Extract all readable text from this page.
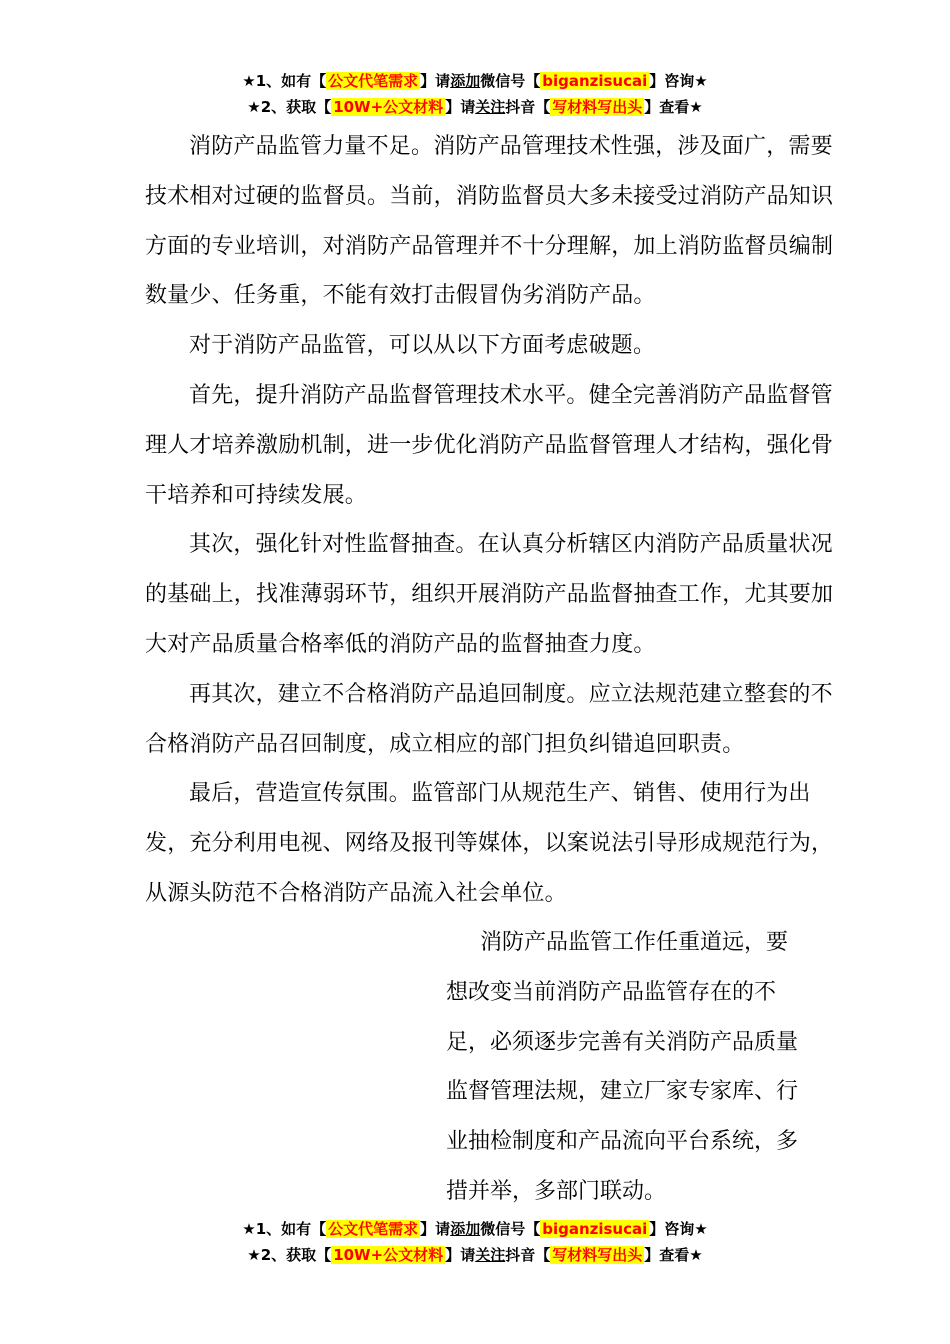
★1、如有【 公文代笔需求 】请添加微信号【 biganzisucai 】咨询★
★2、获取【 10W+公文材料 】请关注抖音【 写材料写出头 】查看★

消防产品监管力量不足。消防产品管理技术性强，涉及面广，需要技术相对过硬的监督员。当前，消防监督员大多未接受过消防产品知识方面的专业培训，对消防产品管理并不十分理解，加上消防监督员编制数量少、任务重，不能有效打击假冒伪劣消防产品。

对于消防产品监管，可以从以下方面考虑破题。

首先，提升消防产品监督管理技术水平。健全完善消防产品监督管理人才培养激励机制，进一步优化消防产品监督管理人才结构，强化骨干培养和可持续发展。

其次，强化针对性监督抽查。在认真分析辖区内消防产品质量状况的基础上，找准薄弱环节，组织开展消防产品监督抽查工作，尤其要加大对产品质量合格率低的消防产品的监督抽查力度。

再其次，建立不合格消防产品追回制度。应立法规范建立整套的不合格消防产品召回制度，成立相应的部门担负纠错追回职责。

最后，营造宣传氛围。监管部门从规范生产、销售、使用行为出发，充分利用电视、网络及报刊等媒体，以案说法引导形成规范行为，从源头防范不合格消防产品流入社会单位。

消防产品监管工作任重道远，要想改变当前消防产品监管存在的不足，必须逐步完善有关消防产品质量监督管理法规，建立厂家专家库、行业抽检制度和产品流向平台系统，多措并举，多部门联动。

★1、如有【 公文代笔需求 】请添加微信号【 biganzisucai 】咨询★
★2、获取【 10W+公文材料 】请关注抖音【 写材料写出头 】查看★
